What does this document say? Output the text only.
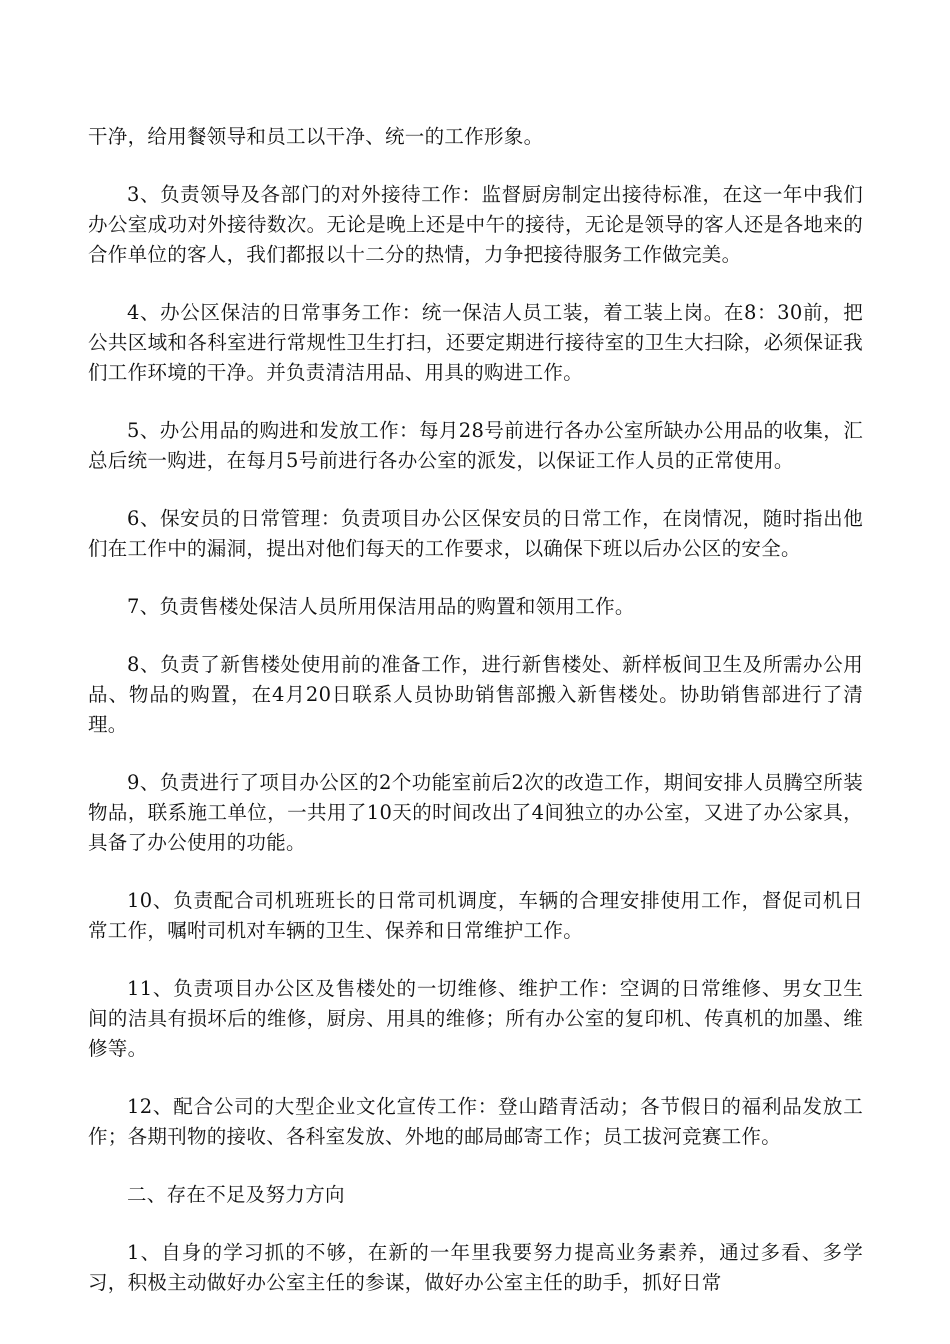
干净，给用餐领导和员工以干净、统一的工作形象。

3、负责领导及各部门的对外接待工作：监督厨房制定出接待标准，在这一年中我们办公室成功对外接待数次。无论是晚上还是中午的接待，无论是领导的客人还是各地来的合作单位的客人，我们都报以十二分的热情，力争把接待服务工作做完美。

4、办公区保洁的日常事务工作：统一保洁人员工装，着工装上岗。在8：30前，把公共区域和各科室进行常规性卫生打扫，还要定期进行接待室的卫生大扫除，必须保证我们工作环境的干净。并负责清洁用品、用具的购进工作。

5、办公用品的购进和发放工作：每月28号前进行各办公室所缺办公用品的收集，汇总后统一购进，在每月5号前进行各办公室的派发，以保证工作人员的正常使用。

6、保安员的日常管理：负责项目办公区保安员的日常工作，在岗情况，随时指出他们在工作中的漏洞，提出对他们每天的工作要求，以确保下班以后办公区的安全。

7、负责售楼处保洁人员所用保洁用品的购置和领用工作。

8、负责了新售楼处使用前的准备工作，进行新售楼处、新样板间卫生及所需办公用品、物品的购置，在4月20日联系人员协助销售部搬入新售楼处。协助销售部进行了清理。

9、负责进行了项目办公区的2个功能室前后2次的改造工作，期间安排人员腾空所装物品，联系施工单位，一共用了10天的时间改出了4间独立的办公室，又进了办公家具，具备了办公使用的功能。

10、负责配合司机班班长的日常司机调度，车辆的合理安排使用工作，督促司机日常工作，嘱咐司机对车辆的卫生、保养和日常维护工作。

11、负责项目办公区及售楼处的一切维修、维护工作：空调的日常维修、男女卫生间的洁具有损坏后的维修，厨房、用具的维修；所有办公室的复印机、传真机的加墨、维修等。

12、配合公司的大型企业文化宣传工作：登山踏青活动；各节假日的福利品发放工作；各期刊物的接收、各科室发放、外地的邮局邮寄工作；员工拔河竞赛工作。

二、存在不足及努力方向

1、自身的学习抓的不够，在新的一年里我要努力提高业务素养，通过多看、多学习，积极主动做好办公室主任的参谋，做好办公室主任的助手，抓好日常
